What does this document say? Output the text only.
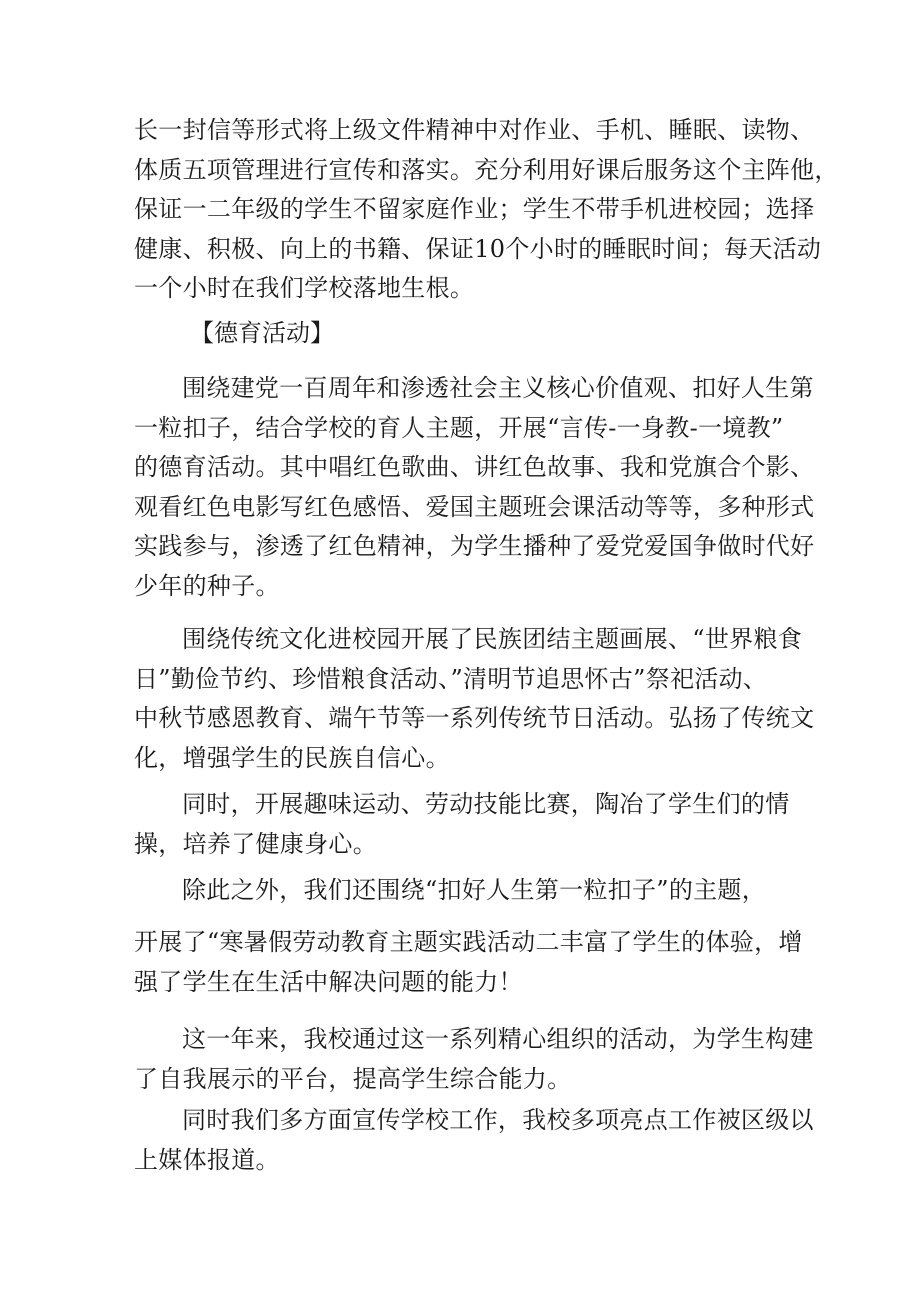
长一封信等形式将上级文件精神中对作业、手机、睡眠、读物、
体质五项管理进行宣传和落实。充分利用好课后服务这个主阵他，
保证一二年级的学生不留家庭作业；学生不带手机进校园；选择
健康、积极、向上的书籍、保证10个小时的睡眠时间；每天活动
一个小时在我们学校落地生根。
【德育活动】
围绕建党一百周年和渗透社会主义核心价值观、扣好人生第
一粒扣子，结合学校的育人主题，开展“言传-一身教-一境教”
的德育活动。其中唱红色歌曲、讲红色故事、我和党旗合个影、
观看红色电影写红色感悟、爱国主题班会课活动等等，多种形式
实践参与，渗透了红色精神，为学生播种了爱党爱国争做时代好
少年的种子。
围绕传统文化进校园开展了民族团结主题画展、“世界粮食
日”勤俭节约、珍惜粮食活动、”清明节追思怀古”祭祀活动、
中秋节感恩教育、端午节等一系列传统节日活动。弘扬了传统文
化，增强学生的民族自信心。
同时，开展趣味运动、劳动技能比赛，陶冶了学生们的情
操，培养了健康身心。
除此之外，我们还围绕“扣好人生第一粒扣子”的主题，
开展了“寒暑假劳动教育主题实践活动二丰富了学生的体验，增
强了学生在生活中解决问题的能力！
这一年来，我校通过这一系列精心组织的活动，为学生构建
了自我展示的平台，提高学生综合能力。
同时我们多方面宣传学校工作，我校多项亮点工作被区级以
上媒体报道。
